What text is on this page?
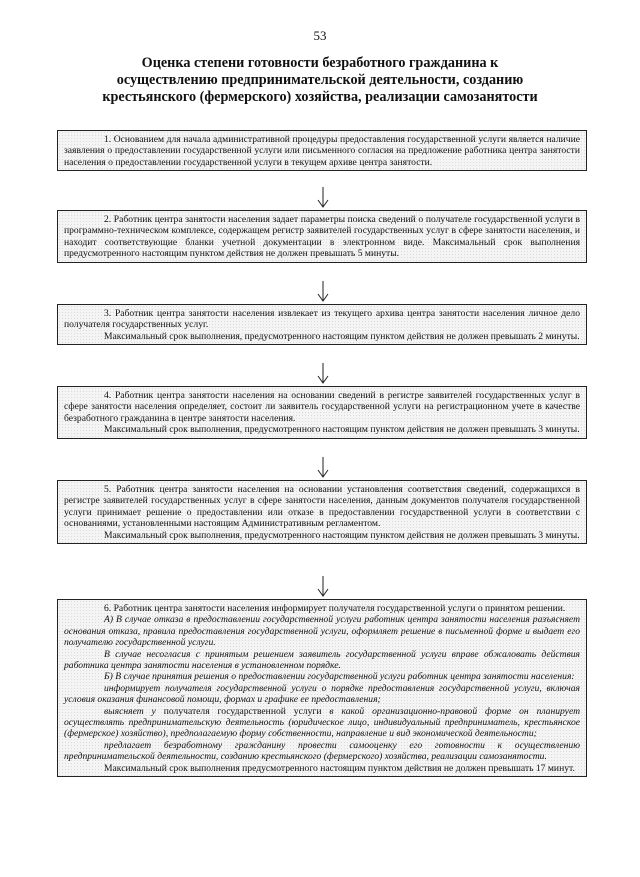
53
Оценка степени готовности безработного гражданина к
осуществлению предпринимательской деятельности, созданию
крестьянского (фермерского) хозяйства, реализации самозанятости

1. Основанием для начала административной процедуры предоставления государственной услуги является наличие заявления о предоставлении государственной услуги или письменного согласия на предложение работника центра занятости населения о предоставлении государственной услуги в текущем архиве центра занятости.

2. Работник центра занятости населения задает параметры поиска сведений о получателе государственной услуги в программно-техническом комплексе, содержащем регистр заявителей государственных услуг в сфере занятости населения, и находит соответствующие бланки учетной документации в электронном виде. Максимальный срок выполнения предусмотренного настоящим пунктом действия не должен превышать 5 минуты.

3. Работник центра занятости населения извлекает из текущего архива центра занятости населения личное дело получателя государственных услуг.

Максимальный срок выполнения, предусмотренного настоящим пунктом действия не должен превышать 2 минуты.

4. Работник центра занятости населения на основании сведений в регистре заявителей государственных услуг в сфере занятости населения определяет, состоит ли заявитель государственной услуги на регистрационном учете в качестве безработного гражданина в центре занятости населения.

Максимальный срок выполнения, предусмотренного настоящим пунктом действия не должен превышать 3 минуты.

5. Работник центра занятости населения на основании установления соответствия сведений, содержащихся в регистре заявителей государственных услуг в сфере занятости населения, данным документов получателя государственной услуги принимает решение о предоставлении или отказе в предоставлении государственной услуги в соответствии с основаниями, установленными настоящим Административным регламентом.

Максимальный срок выполнения, предусмотренного настоящим пунктом действия не должен превышать 3 минуты.

6. Работник центра занятости населения информирует получателя государственной услуги о принятом решении.

А) В случае отказа в предоставлении государственной услуги работник центра занятости населения разъясняет основания отказа, правила предоставления государственной услуги, оформляет решение в письменной форме и выдает его получателю государственной услуги.

В случае несогласия с принятым решением заявитель государственной услуги вправе обжаловать действия работника центра занятости населения в установленном порядке.

Б) В случае принятия решения о предоставлении государственной услуги работник центра занятости населения:

информирует получателя государственной услуги о порядке предоставления государственной услуги, включая условия оказания финансовой помощи, формах и графике ее предоставления;

выясняет у получателя государственной услуги в какой организационно-правовой форме он планирует осуществлять предпринимательскую деятельность (юридическое лицо, индивидуальный предприниматель, крестьянское (фермерское) хозяйство), предполагаемую форму собственности, направление и вид экономической деятельности;

предлагает безработному гражданину провести самооценку его готовности к осуществлению предпринимательской деятельности, созданию крестьянского (фермерского) хозяйства, реализации самозанятости.

Максимальный срок выполнения предусмотренного настоящим пунктом действия не должен превышать 17 минут.
